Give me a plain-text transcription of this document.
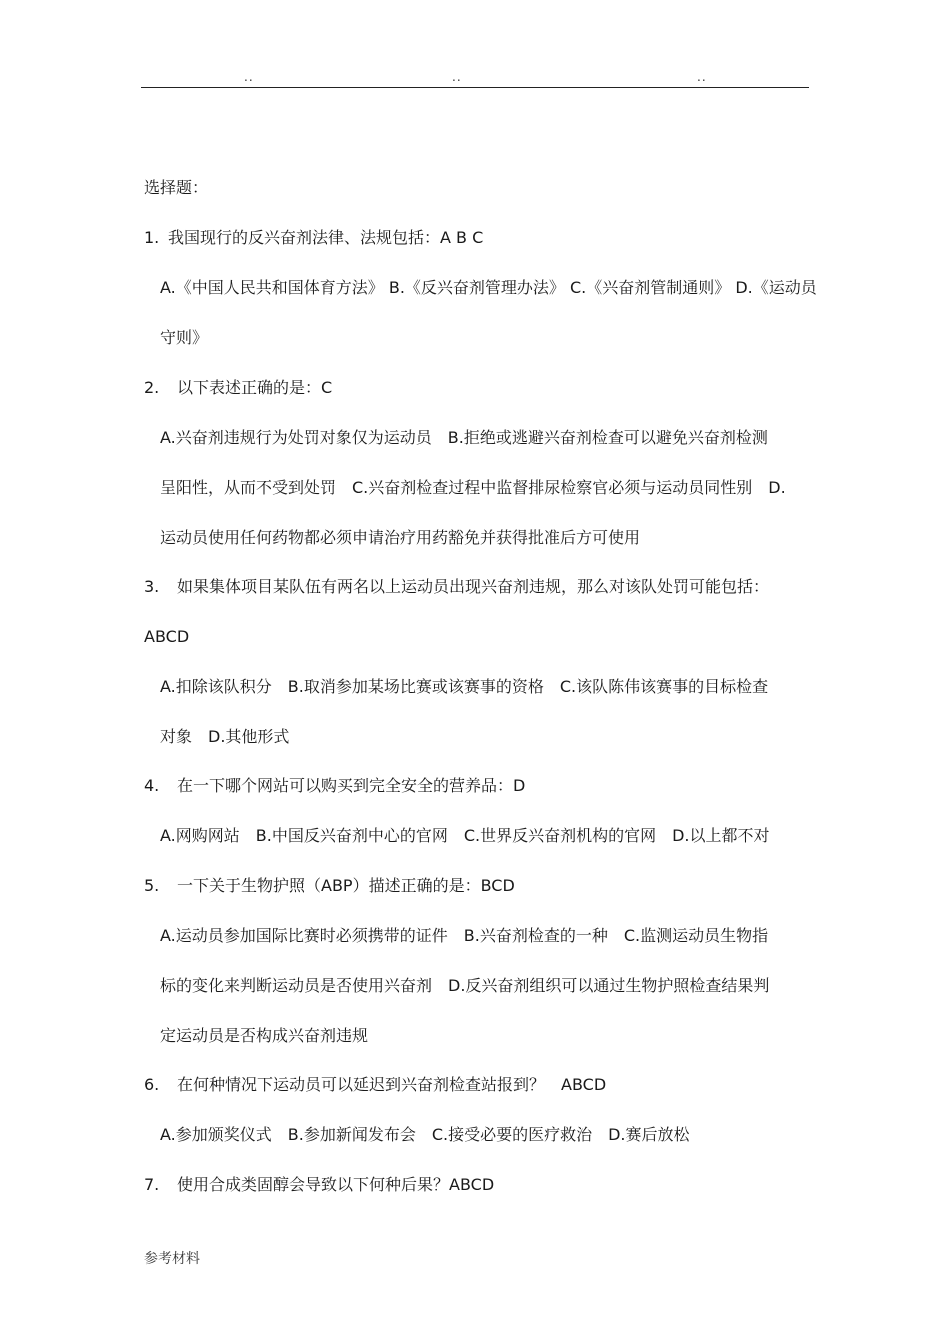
..	..	..
选择题：
1. 我国现行的反兴奋剂法律、法规包括：A B C
A.《中国人民共和国体育方法》 B.《反兴奋剂管理办法》 C.《兴奋剂管制通则》 D.《运动员
守则》
2. 以下表述正确的是：C
A.兴奋剂违规行为处罚对象仅为运动员　B.拒绝或逃避兴奋剂检查可以避免兴奋剂检测
呈阳性，从而不受到处罚　C.兴奋剂检查过程中监督排尿检察官必须与运动员同性别　D.
运动员使用任何药物都必须申请治疗用药豁免并获得批准后方可使用
3. 如果集体项目某队伍有两名以上运动员出现兴奋剂违规，那么对该队处罚可能包括：
ABCD
A.扣除该队积分　B.取消参加某场比赛或该赛事的资格　C.该队陈伟该赛事的目标检查
对象　D.其他形式
4. 在一下哪个网站可以购买到完全安全的营养品：D
A.网购网站　B.中国反兴奋剂中心的官网　C.世界反兴奋剂机构的官网　D.以上都不对
5. 一下关于生物护照（ABP）描述正确的是：BCD
A.运动员参加国际比赛时必须携带的证件　B.兴奋剂检查的一种　C.监测运动员生物指
标的变化来判断运动员是否使用兴奋剂　D.反兴奋剂组织可以通过生物护照检查结果判
定运动员是否构成兴奋剂违规
6. 在何种情况下运动员可以延迟到兴奋剂检查站报到？　ABCD
A.参加颁奖仪式　B.参加新闻发布会　C.接受必要的医疗救治　D.赛后放松
7. 使用合成类固醇会导致以下何种后果？ABCD
参考材料
